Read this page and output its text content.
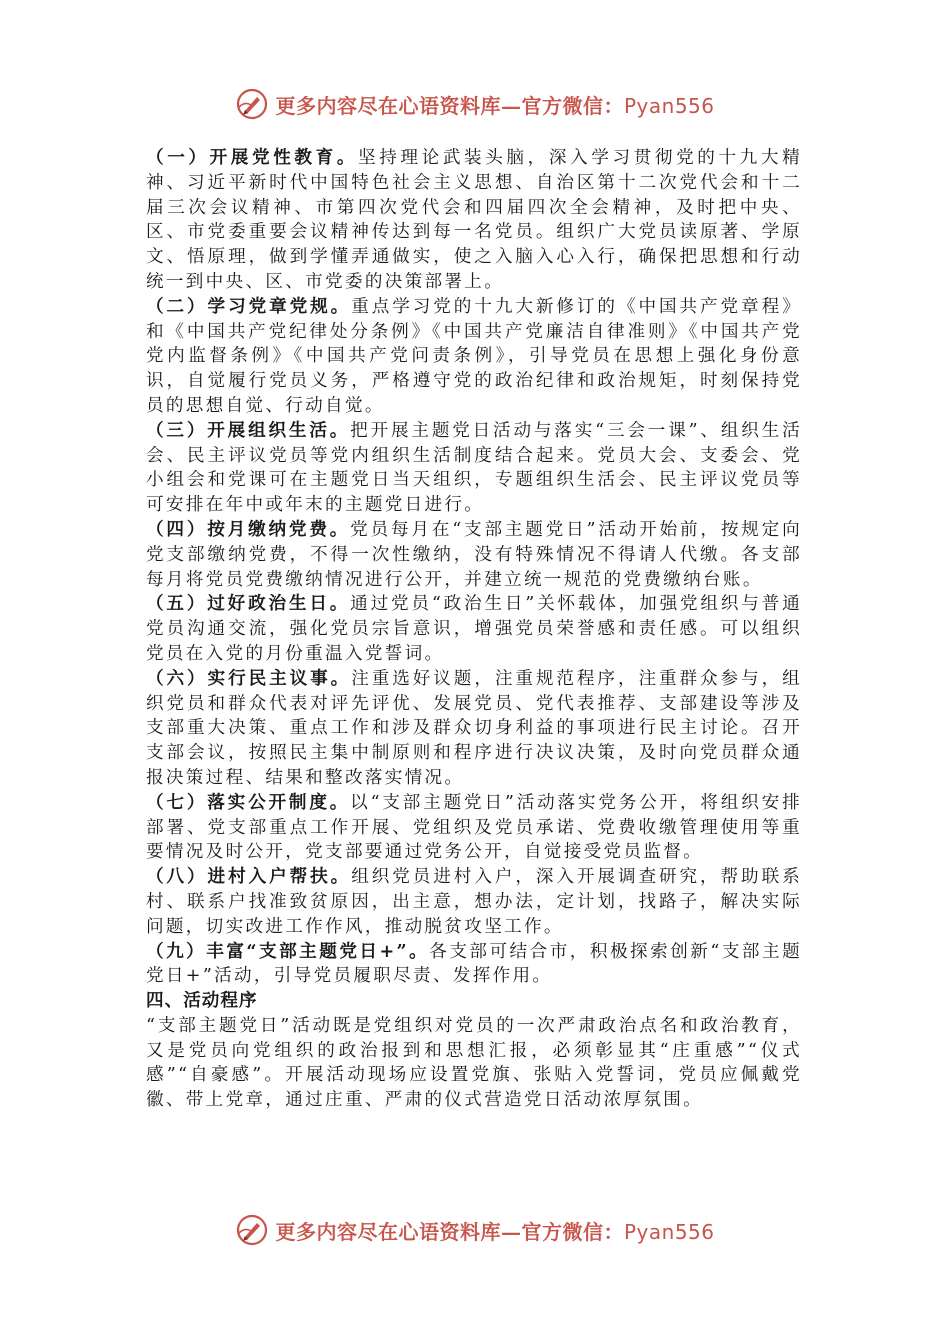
更多内容尽在心语资料库—官方微信：Pyan556

（一）开展党性教育。坚持理论武装头脑，深入学习贯彻党的十九大精神、习近平新时代中国特色社会主义思想、自治区第十二次党代会和十二届三次会议精神、市第四次党代会和四届四次全会精神，及时把中央、区、市党委重要会议精神传达到每一名党员。组织广大党员读原著、学原文、悟原理，做到学懂弄通做实，使之入脑入心入行，确保把思想和行动统一到中央、区、市党委的决策部署上。

（二）学习党章党规。重点学习党的十九大新修订的《中国共产党章程》和《中国共产党纪律处分条例》《中国共产党廉洁自律准则》《中国共产党党内监督条例》《中国共产党问责条例》，引导党员在思想上强化身份意识，自觉履行党员义务，严格遵守党的政治纪律和政治规矩，时刻保持党员的思想自觉、行动自觉。

（三）开展组织生活。把开展主题党日活动与落实“三会一课”、组织生活会、民主评议党员等党内组织生活制度结合起来。党员大会、支委会、党小组会和党课可在主题党日当天组织，专题组织生活会、民主评议党员等可安排在年中或年末的主题党日进行。

（四）按月缴纳党费。党员每月在“支部主题党日”活动开始前，按规定向党支部缴纳党费，不得一次性缴纳，没有特殊情况不得请人代缴。各支部每月将党员党费缴纳情况进行公开，并建立统一规范的党费缴纳台账。

（五）过好政治生日。通过党员“政治生日”关怀载体，加强党组织与普通党员沟通交流，强化党员宗旨意识，增强党员荣誉感和责任感。可以组织党员在入党的月份重温入党誓词。

（六）实行民主议事。注重选好议题，注重规范程序，注重群众参与，组织党员和群众代表对评先评优、发展党员、党代表推荐、支部建设等涉及支部重大决策、重点工作和涉及群众切身利益的事项进行民主讨论。召开支部会议，按照民主集中制原则和程序进行决议决策，及时向党员群众通报决策过程、结果和整改落实情况。

（七）落实公开制度。以“支部主题党日”活动落实党务公开，将组织安排部署、党支部重点工作开展、党组织及党员承诺、党费收缴管理使用等重要情况及时公开，党支部要通过党务公开，自觉接受党员监督。

（八）进村入户帮扶。组织党员进村入户，深入开展调查研究，帮助联系村、联系户找准致贫原因，出主意，想办法，定计划，找路子，解决实际问题，切实改进工作作风，推动脱贫攻坚工作。

（九）丰富“支部主题党日+”。各支部可结合市，积极探索创新“支部主题党日+”活动，引导党员履职尽责、发挥作用。

四、活动程序

“支部主题党日”活动既是党组织对党员的一次严肃政治点名和政治教育，又是党员向党组织的政治报到和思想汇报，必须彰显其“庄重感”“仪式感”“自豪感”。开展活动现场应设置党旗、张贴入党誓词，党员应佩戴党徽、带上党章，通过庄重、严肃的仪式营造党日活动浓厚氛围。

更多内容尽在心语资料库—官方微信：Pyan556
